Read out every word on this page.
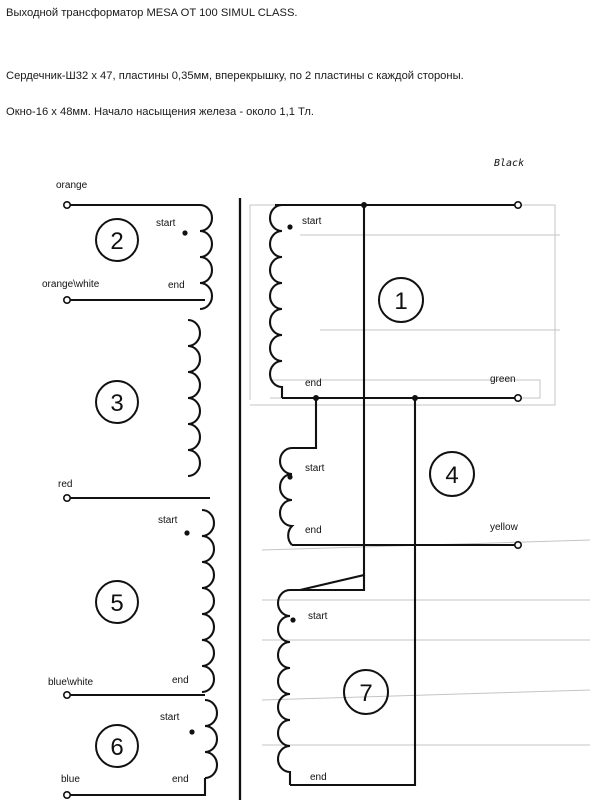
Выходной трансформатор MESA OT 100 SIMUL CLASS.
Сердечник-Ш32 х 47, пластины 0,35мм, вперекрышку, по 2 пластины с каждой стороны.
Окно-16 х 48мм. Начало насыщения железа - около 1,1 Тл.
2
3
5
6
1
4
7
orange
orange\white
red
blue\white
blue
Black
green
yellow
start
end
start
end
start
end
start
end
start
end
start
end
